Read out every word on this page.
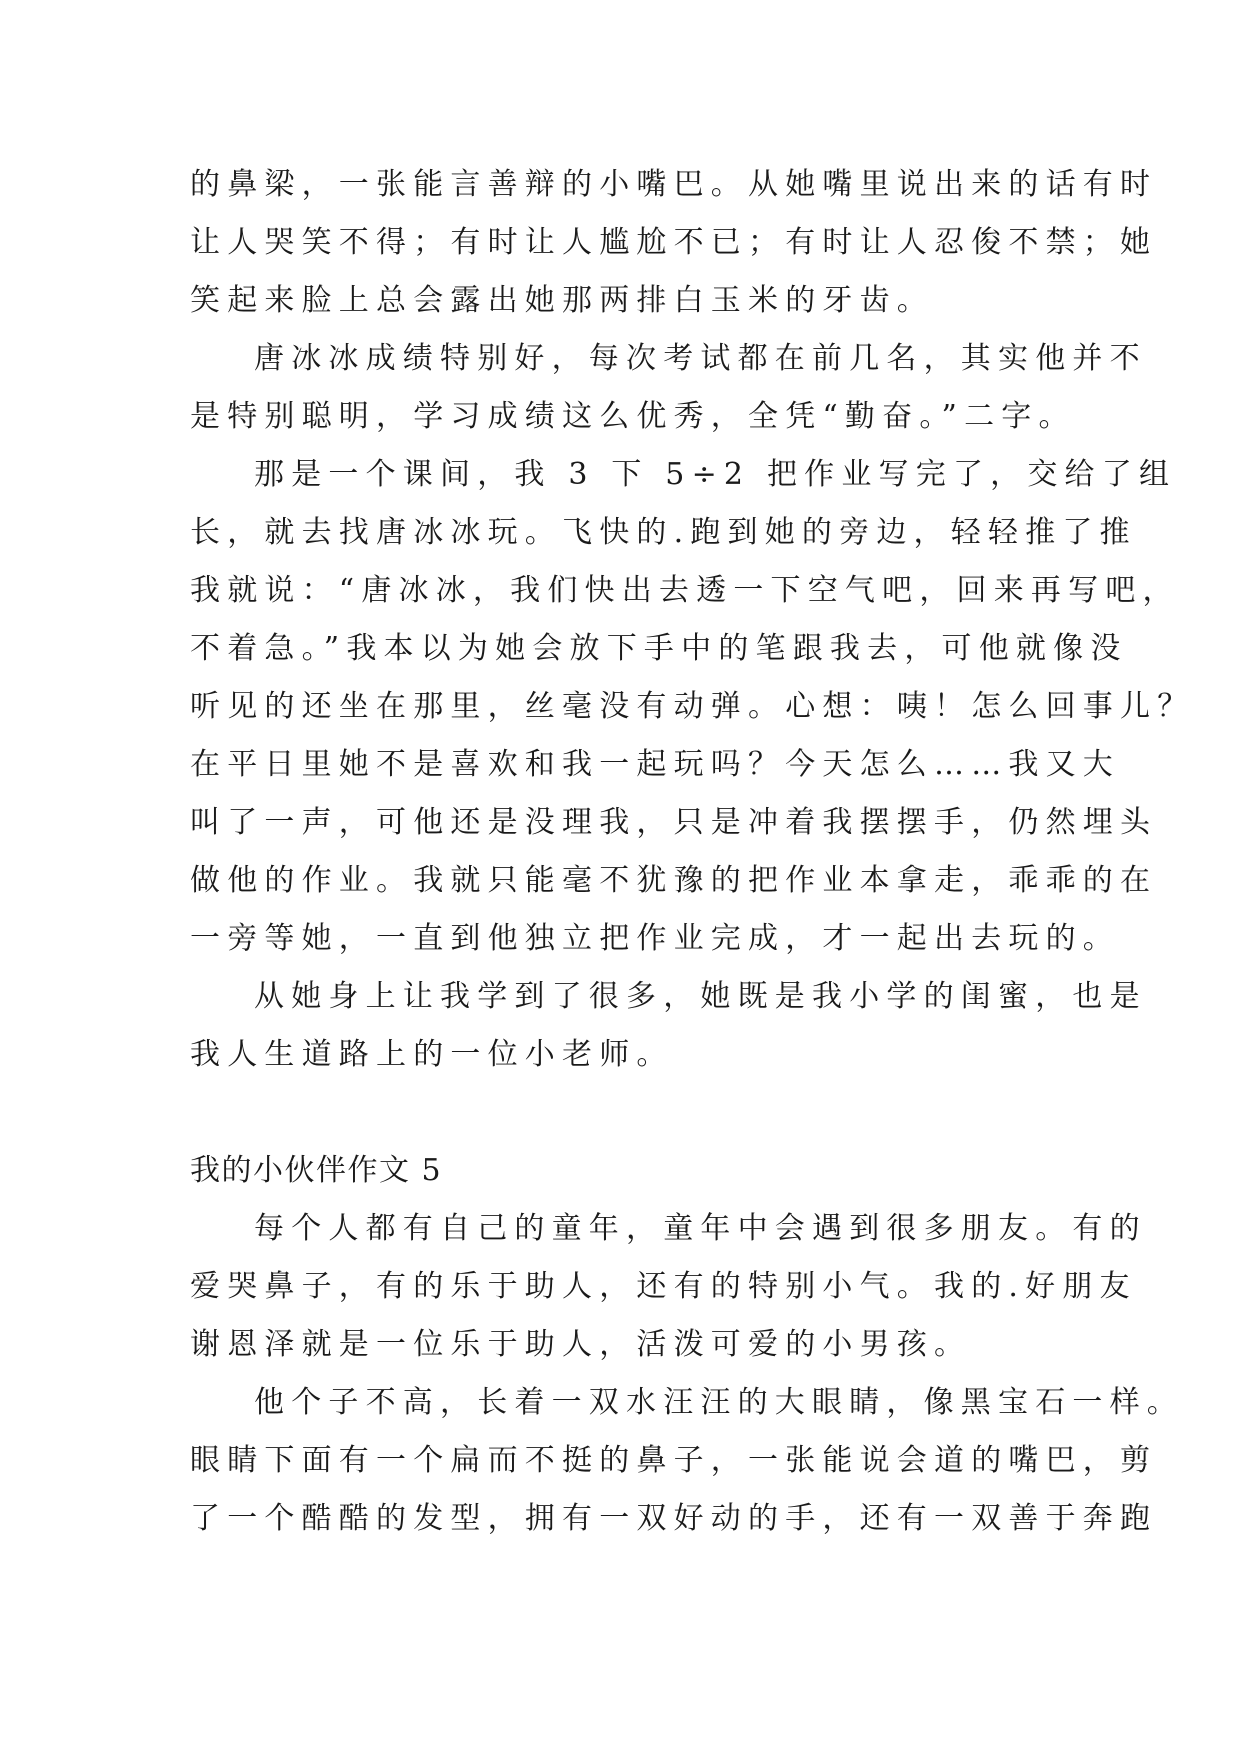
的鼻梁，一张能言善辩的小嘴巴。从她嘴里说出来的话有时
让人哭笑不得；有时让人尴尬不已；有时让人忍俊不禁；她
笑起来脸上总会露出她那两排白玉米的牙齿。
唐冰冰成绩特别好，每次考试都在前几名，其实他并不
是特别聪明，学习成绩这么优秀，全凭“勤奋。”二字。
那是一个课间，我 3 下 5÷2 把作业写完了，交给了组
长，就去找唐冰冰玩。飞快的.跑到她的旁边，轻轻推了推
我就说：“唐冰冰，我们快出去透一下空气吧，回来再写吧，
不着急。”我本以为她会放下手中的笔跟我去，可他就像没
听见的还坐在那里，丝毫没有动弹。心想：咦！怎么回事儿？
在平日里她不是喜欢和我一起玩吗？今天怎么……我又大
叫了一声，可他还是没理我，只是冲着我摆摆手，仍然埋头
做他的作业。我就只能毫不犹豫的把作业本拿走，乖乖的在
一旁等她，一直到他独立把作业完成，才一起出去玩的。
从她身上让我学到了很多，她既是我小学的闺蜜，也是
我人生道路上的一位小老师。
我的小伙伴作文 5
每个人都有自己的童年，童年中会遇到很多朋友。有的
爱哭鼻子，有的乐于助人，还有的特别小气。我的.好朋友
谢恩泽就是一位乐于助人，活泼可爱的小男孩。
他个子不高，长着一双水汪汪的大眼睛，像黑宝石一样。
眼睛下面有一个扁而不挺的鼻子，一张能说会道的嘴巴，剪
了一个酷酷的发型，拥有一双好动的手，还有一双善于奔跑
